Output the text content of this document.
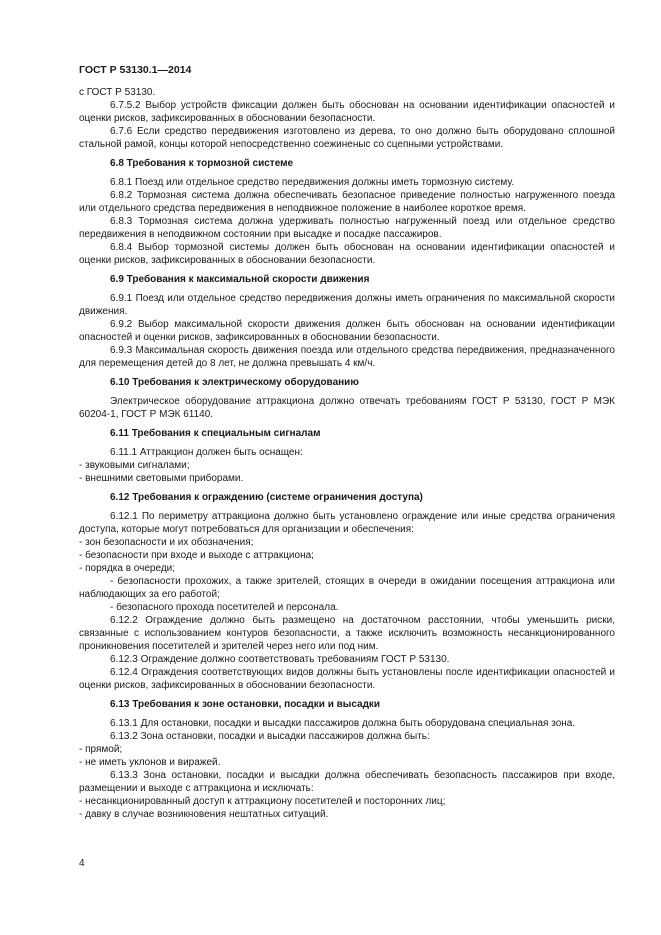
ГОСТ Р 53130.1—2014

с ГОСТ Р 53130.

6.7.5.2 Выбор устройств фиксации должен быть обоснован на основании идентификации опасностей и оценки рисков, зафиксированных в обосновании безопасности.

6.7.6 Если средство передвижения изготовлено из дерева, то оно должно быть оборудовано сплошной стальной рамой, концы которой непосредственно соежиненыс со сцепными устройствами.

6.8 Требования к тормозной системе

6.8.1 Поезд или отдельное средство передвижения должны иметь тормозную систему.

6.8.2 Тормозная система должна обеспечивать безопасное приведение полностью нагруженного поезда или отдельного средства передвижения в неподвижное положение в наиболее короткое время.

6.8.3 Тормозная система должна удерживать полностью нагруженный поезд или отдельное средство передвижения в неподвижном состоянии при высадке и посадке пассажиров.

6.8.4 Выбор тормозной системы должен быть обоснован на основании идентификации опасностей и оценки рисков, зафиксированных в обосновании безопасности.

6.9 Требования к максимальной скорости движения

6.9.1 Поезд или отдельное средство передвижения должны иметь ограничения по максимальной скорости движения.

6.9.2 Выбор максимальной скорости движения должен быть обоснован на основании идентификации опасностей и оценки рисков, зафиксированных в обосновании безопасности.

6.9.3 Максимальная скорость движения поезда или отдельного средства передвижения, предназначенного для перемещения детей до 8 лет, не должна превышать 4 км/ч.

6.10 Требования к электрическому оборудованию

Электрическое оборудование аттракциона должно отвечать требованиям ГОСТ Р 53130, ГОСТ Р МЭК 60204-1, ГОСТ Р МЭК 61140.

6.11 Требования к специальным сигналам

6.11.1 Аттракцион должен быть оснащен:

- звуковыми сигналами;

- внешними световыми приборами.

6.12 Требования к ограждению (системе ограничения доступа)

6.12.1 По периметру аттракциона должно быть установлено ограждение или иные средства ограничения доступа, которые могут потребоваться для организации и обеспечения:

- зон безопасности и их обозначения;

- безопасности при входе и выходе с аттракциона;

- порядка в очереди;

- безопасности прохожих, а также зрителей, стоящих в очереди в ожидании посещения аттракциона или наблюдающих за его работой;

- безопасного прохода посетителей и персонала.

6.12.2 Ограждение должно быть размещено на достаточном расстоянии, чтобы уменьшить риски, связанные с использованием контуров безопасности, а также исключить возможность несанкционированного проникновения посетителей и зрителей через него или под ним.

6.12.3 Ограждение должно соответствовать требованиям ГОСТ Р 53130.

6.12.4 Ограждения соответствующих видов должны быть установлены после идентификации опасностей и оценки рисков, зафиксированных в обосновании безопасности.

6.13 Требования к зоне остановки, посадки и высадки

6.13.1 Для остановки, посадки и высадки пассажиров должна быть оборудована специальная зона.

6.13.2 Зона остановки, посадки и высадки пассажиров должна быть:

- прямой;

- не иметь уклонов и виражей.

6.13.3 Зона остановки, посадки и высадки должна обеспечивать безопасность пассажиров при входе, размещении и выходе с аттракциона и исключать:

- несанкционированный доступ к аттракциону посетителей и посторонних лиц;

- давку в случае возникновения нештатных ситуаций.

4
